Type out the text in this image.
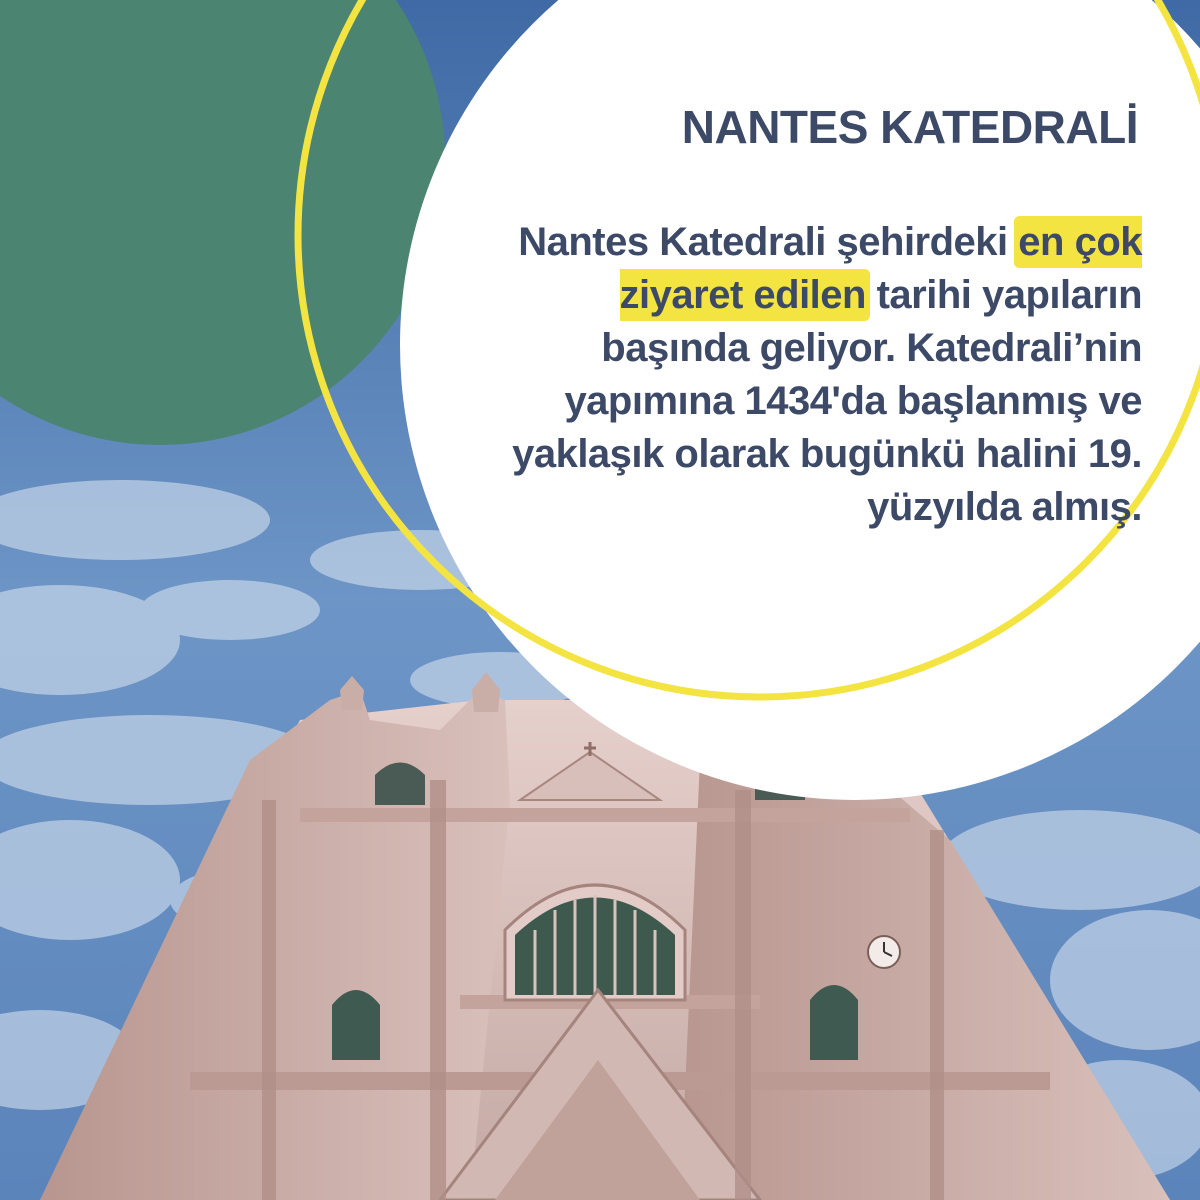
NANTES KATEDRALİ

Nantes Katedrali şehirdeki en çok ziyaret edilen tarihi yapıların başında geliyor. Katedrali’nin yapımına 1434'da başlanmış ve yaklaşık olarak bugünkü halini 19. yüzyılda almış.
